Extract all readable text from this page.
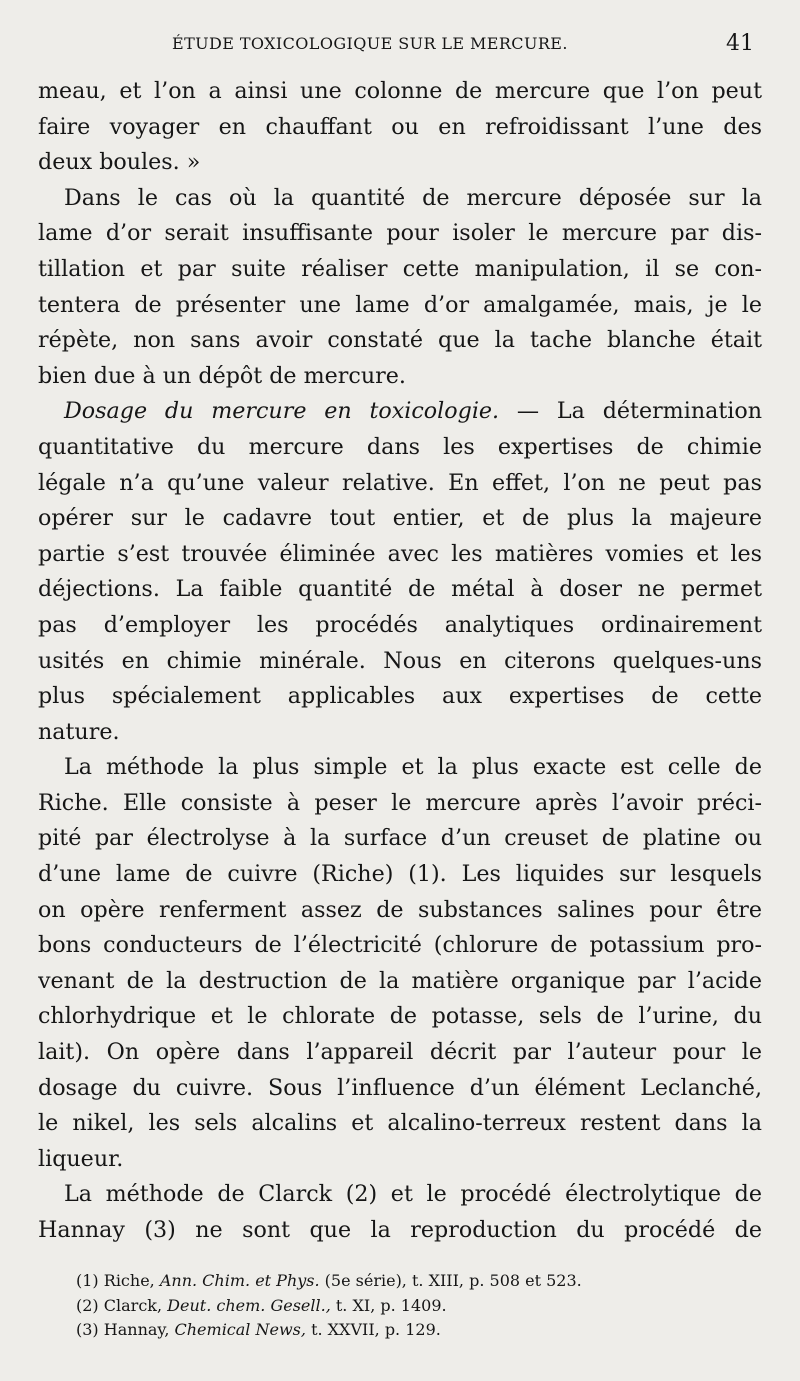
ÉTUDE TOXICOLOGIQUE SUR LE MERCURE.	41
meau, et l’on a ainsi une colonne de mercure que l’on peut
faire voyager en chauffant ou en refroidissant l’une des
deux boules. »
Dans le cas où la quantité de mercure déposée sur la
lame d’or serait insuffisante pour isoler le mercure par dis-
tillation et par suite réaliser cette manipulation, il se con-
tentera de présenter une lame d’or amalgamée, mais, je le
répète, non sans avoir constaté que la tache blanche était
bien due à un dépôt de mercure.
Dosage du mercure en toxicologie. — La détermination
quantitative du mercure dans les expertises de chimie
légale n’a qu’une valeur relative. En effet, l’on ne peut pas
opérer sur le cadavre tout entier, et de plus la majeure
partie s’est trouvée éliminée avec les matières vomies et les
déjections. La faible quantité de métal à doser ne permet
pas d’employer les procédés analytiques ordinairement
usités en chimie minérale. Nous en citerons quelques-uns
plus spécialement applicables aux expertises de cette
nature.
La méthode la plus simple et la plus exacte est celle de
Riche. Elle consiste à peser le mercure après l’avoir préci-
pité par électrolyse à la surface d’un creuset de platine ou
d’une lame de cuivre (Riche) (1). Les liquides sur lesquels
on opère renferment assez de substances salines pour être
bons conducteurs de l’électricité (chlorure de potassium pro-
venant de la destruction de la matière organique par l’acide
chlorhydrique et le chlorate de potasse, sels de l’urine, du
lait). On opère dans l’appareil décrit par l’auteur pour le
dosage du cuivre. Sous l’influence d’un élément Leclanché,
le nikel, les sels alcalins et alcalino-terreux restent dans la
liqueur.
La méthode de Clarck (2) et le procédé électrolytique de
Hannay (3) ne sont que la reproduction du procédé de
(1) Riche, Ann. Chim. et Phys. (5e série), t. XIII, p. 508 et 523.
(2) Clarck, Deut. chem. Gesell., t. XI, p. 1409.
(3) Hannay, Chemical News, t. XXVII, p. 129.
